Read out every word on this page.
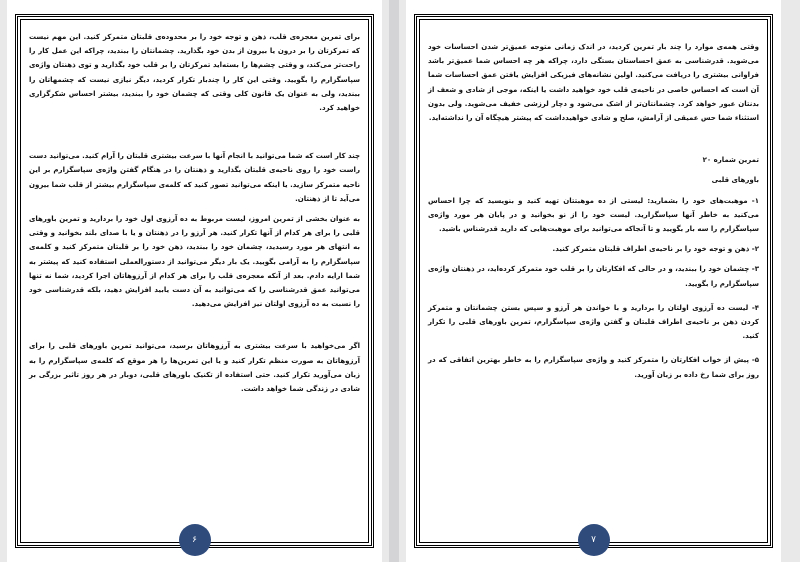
برای تمرین معجزه‌ی قلب، ذهن و توجه خود را بر محدوده‌ی قلبتان متمرکز کنید. این مهم نیست که تمرکزتان را بر درون یا بیرون از بدن خود بگذارید. چشمانتان را ببندید، چراکه این عمل کار را راحت‌تر می‌کند، و وقتی چشم‌ها را بسته‌اید تمرکزتان را بر قلب خود بگذارید و توی ذهنتان واژه‌ی سپاسگزارم را بگویید. وقتی این کار را چندبار تکرار کردید، دیگر نیازی نیست که چشمهاتان را ببندید، ولی به عنوان یک قانون کلی وقتی که چشمان خود را ببندید، بیشتر احساس شکرگزاری خواهید کرد.

چند کار است که شما می‌توانید با انجام آنها با سرعت بیشتری قلبتان را آرام کنید. می‌توانید دست راست خود را روی ناحیه‌ی قلبتان بگذارید و ذهنتان را در هنگام گفتن واژه‌ی سپاسگزارم بر این ناحیه متمرکز سازید. یا اینکه می‌توانید تصور کنید که کلمه‌ی سپاسگزارم بیشتر از قلب شما بیرون می‌آید تا از ذهنتان.

به عنوان بخشی از تمرین امروز، لیست مربوط به ده آرزوی اول خود را بردارید و تمرین باورهای قلبی را برای هر کدام از آنها تکرار کنید. هر آرزو را در ذهنتان و یا با صدای بلند بخوانید و وقتی به انتهای هر مورد رسیدید، چشمان خود را ببندید، ذهن خود را بر قلبتان متمرکز کنید و کلمه‌ی سپاسگزارم را به آرامی بگویید. یک بار دیگر می‌توانید از دستورالعملی استفاده کنید که پیشتر به شما ارایه دادم. بعد از آنکه معجزه‌ی قلب را برای هر کدام از آرزوهاتان اجرا کردید، شما نه تنها می‌توانید عمق قدرشناسی را که می‌توانید به آن دست یابید افزایش دهید، بلکه قدرشناسی خود را نسبت به ده آرزوی اولتان نیز افزایش می‌دهید.

اگر می‌خواهید با سرعت بیشتری به آرزوهاتان برسید، می‌توانید تمرین باورهای قلبی را برای آرزوهاتان به صورت منظم تکرار کنید و یا این تمرین‌ها را هر موقع که کلمه‌ی سپاسگزارم را به زبان می‌آورید تکرار کنید. حتی استفاده از تکنیک باورهای قلبی، دوبار در هر روز تاثیر بزرگی بر شادی در زندگی شما خواهد داشت.

۶

وقتی همه‌ی موارد را چند بار تمرین کردید، در اندک زمانی متوجه عمیق‌تر شدن احساسات خود می‌شوید. قدرشناسی به عمق احساستان بستگی دارد، چراکه هر چه احساس شما عمیق‌تر باشد فراوانی بیشتری را دریافت می‌کنید. اولین نشانه‌های فیزیکی افزایش یافتن عمق احساسات شما آن است که احساس خاصی در ناحیه‌ی قلب خود خواهید داشت یا اینکه، موجی از شادی و شعف از بدنتان عبور خواهد کرد. چشمانتان‌تر از اشک می‌شود و دچار لرزشی خفیف می‌شوید. ولی بدون استثناء شما حس عمیقی از آرامش، صلح و شادی خواهیدداشت که پیشتر هیچگاه آن را نداشته‌اید.

تمرین شماره ۲۰

باورهای قلبی

۱- موهبت‌های خود را بشمارید: لیستی از ده موهبتتان تهیه کنید و بنویسید که چرا احساس می‌کنید به خاطر آنها سپاسگزارید. لیست خود را از نو بخوانید و در پایان هر مورد واژه‌ی سپاسگزارم را سه بار بگویید و تا آنجاکه می‌توانید برای موهبت‌هایی که دارید قدرشناس باشید.

۲- ذهن و توجه خود را بر ناحیه‌ی اطراف قلبتان متمرکز کنید.

۳- چشمان خود را ببندید، و در حالی که افکارتان را بر قلب خود متمرکز کرده‌اید، در ذهنتان واژه‌ی سپاسگزارم را بگویید.

۴- لیست ده آرزوی اولتان را بردارید و با خواندن هر آرزو و سپس بستن چشمانتان و متمرکز کردن ذهن بر ناحیه‌ی اطراف قلبتان و گفتن واژه‌ی سپاسگزارم، تمرین باورهای قلبی را تکرار کنید.

۵- پیش از خواب افکارتان را متمرکز کنید و واژه‌ی سپاسگزارم را به خاطر بهترین اتفاقی که در روز برای شما رخ داده بر زبان آورید.

۷
